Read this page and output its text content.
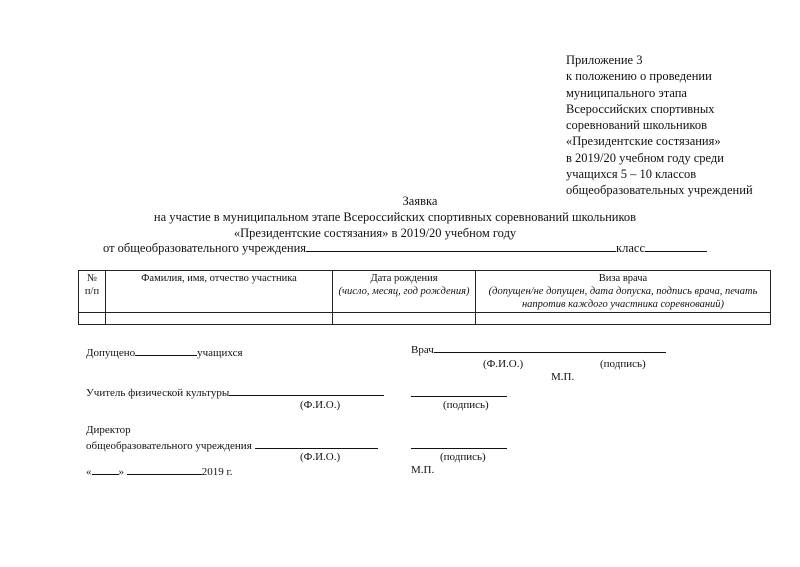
Приложение 3
к положению о проведении
муниципального этапа
Всероссийских спортивных
соревнований школьников
«Президентские состязания»
в 2019/20 учебном году среди
учащихся 5 – 10 классов
общеобразовательных учреждений
Заявка
на участие в муниципальном этапе Всероссийских спортивных соревнований школьников
«Президентские состязания» в 2019/20 учебном году
от общеобразовательного учреждения	класс
№ п/п	Фамилия, имя, отчество участника	Дата рождения
(число, месяц, год рождения)	
Виза врача
(допущен/не допущен, дата допуска, подпись врача, печать напротив каждого участника соревнований)

Допущено	учащихся	Врач
(Ф.И.О.)	(подпись)
М.П.
Учитель физической культуры
(Ф.И.О.)	(подпись)
Директор
общеобразовательного учреждения
(Ф.И.О.)	(подпись)
« »	2019 г.	М.П.
